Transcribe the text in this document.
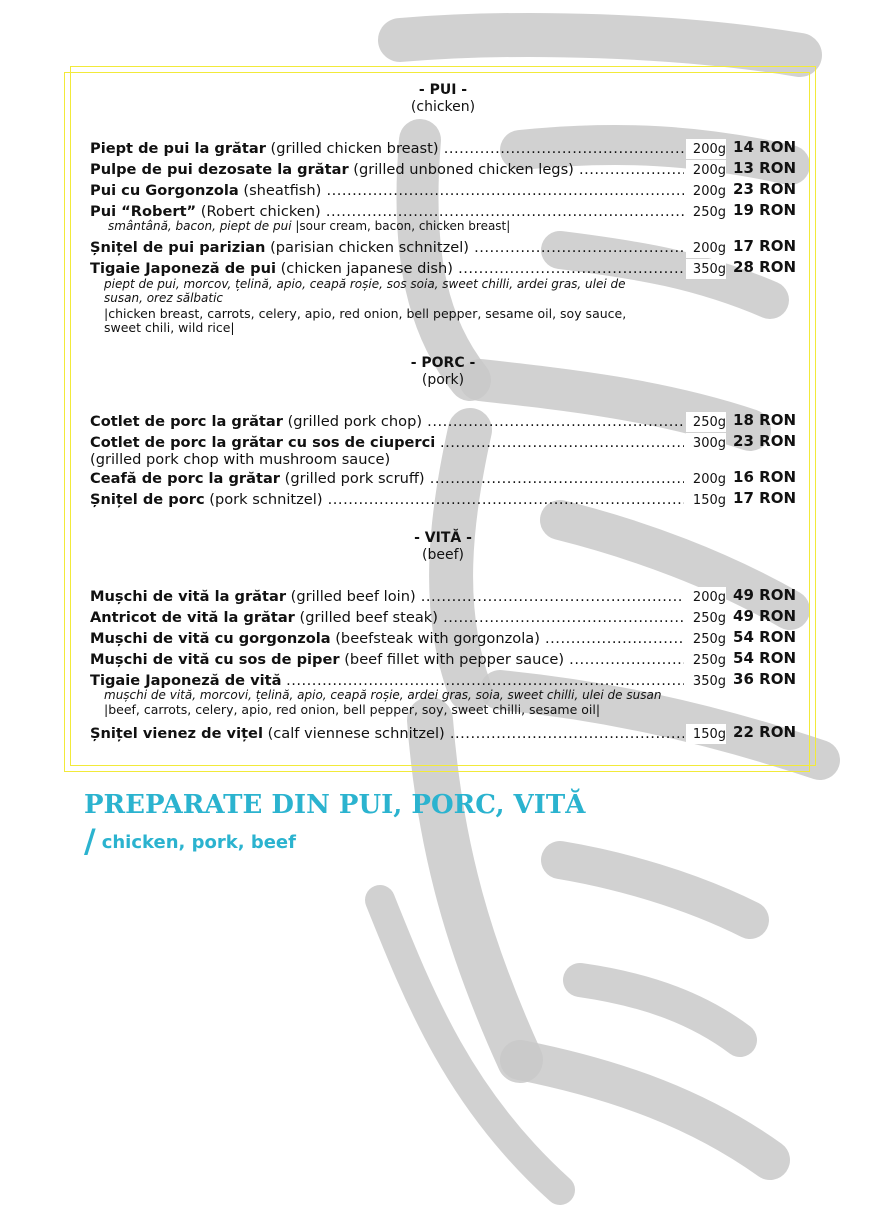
- PUI -
(chicken)
Piept de pui la grătar (grilled chicken breast) .....	200g 14 RON
Pulpe de pui dezosate la grătar (grilled unboned chicken legs) .....	200g 13 RON
Pui cu Gorgonzola (sheatfish) .....	200g 23 RON
Pui “Robert” (Robert chicken) .....	250g 19 RON
smântână, bacon, piept de pui |sour cream, bacon, chicken breast|
Șnițel de pui parizian (parisian chicken schnitzel) .....	200g 17 RON
Tigaie Japoneză de pui (chicken japanese dish) .....	350g 28 RON
piept de pui, morcov, țelină, apio, ceapă roșie, sos soia, sweet chilli, ardei gras, ulei de susan, orez sălbatic
|chicken breast, carrots, celery, apio, red onion, bell pepper, sesame oil, soy sauce, sweet chili, wild rice|
- PORC -
(pork)
Cotlet de porc la grătar (grilled pork chop) .....	250g 18 RON
Cotlet de porc la grătar cu sos de ciuperci .....	300g 23 RON
(grilled pork chop with mushroom sauce)
Ceafă de porc la grătar (grilled pork scruff) .....	200g 16 RON
Șnițel de porc (pork schnitzel) .....	150g 17 RON
- VITĂ -
(beef)
Mușchi de vită la grătar (grilled beef loin) .....	200g 49 RON
Antricot de vită la grătar (grilled beef steak) .....	250g 49 RON
Mușchi de vită cu gorgonzola (beefsteak with gorgonzola) .....	250g 54 RON
Mușchi de vită cu sos de piper (beef fillet with pepper sauce) .....	250g 54 RON
Tigaie Japoneză de vită .....	350g 36 RON
mușchi de vită, morcovi, țelină, apio, ceapă roșie, ardei gras, soia, sweet chilli, ulei de susan
|beef, carrots, celery, apio, red onion, bell pepper, soy, sweet chilli, sesame oil|
Șnițel vienez de vițel (calf viennese schnitzel) .....	150g 22 RON
PREPARATE DIN PUI, PORC, VITĂ
/ chicken, pork, beef
